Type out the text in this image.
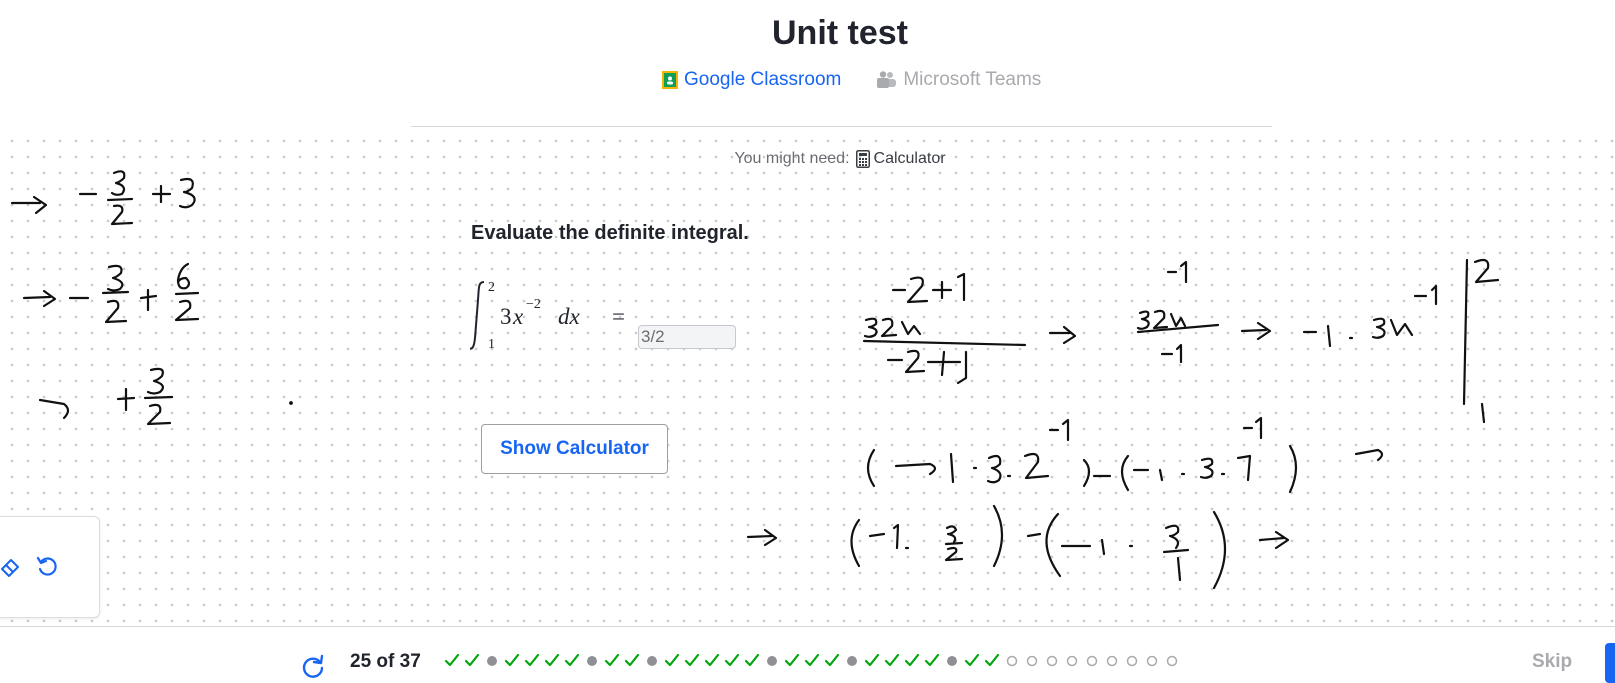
Unit test
Google Classroom	Microsoft Teams
You might need: Calculator
Evaluate the definite integral.
2
1
3 x −2 dx =
3/2
Show Calculator
25 of 37	Skip
